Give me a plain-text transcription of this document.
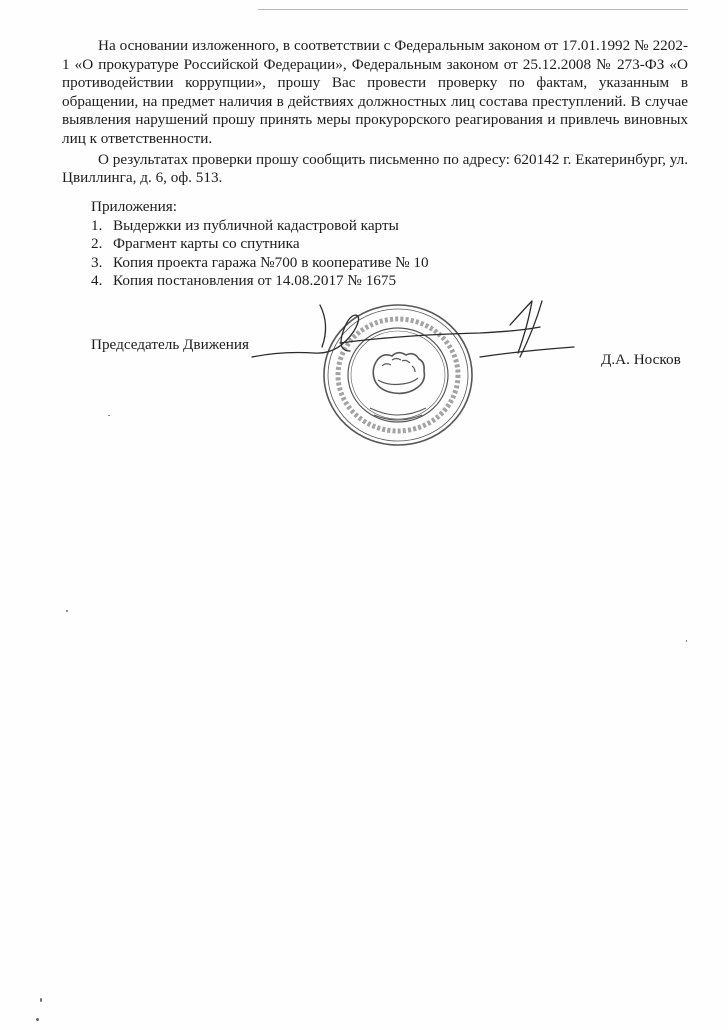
На основании изложенного, в соответствии с Федеральным законом от 17.01.1992 № 2202-1 «О прокуратуре Российской Федерации», Федеральным законом от 25.12.2008 № 273-ФЗ «О противодействии коррупции», прошу Вас провести проверку по фактам, указанным в обращении, на предмет наличия в действиях должностных лиц состава преступлений. В случае выявления нарушений прошу принять меры прокурорского реагирования и привлечь виновных лиц к ответственности.

О результатах проверки прошу сообщить письменно по адресу: 620142 г. Екатеринбург, ул. Цвиллинга, д. 6, оф. 513.

Приложения:

1. Выдержки из публичной кадастровой карты
2. Фрагмент карты со спутника
3. Копия проекта гаража №700 в кооперативе № 10
4. Копия постановления от 14.08.2017 № 1675
Председатель Движения
Д.А. Носков
